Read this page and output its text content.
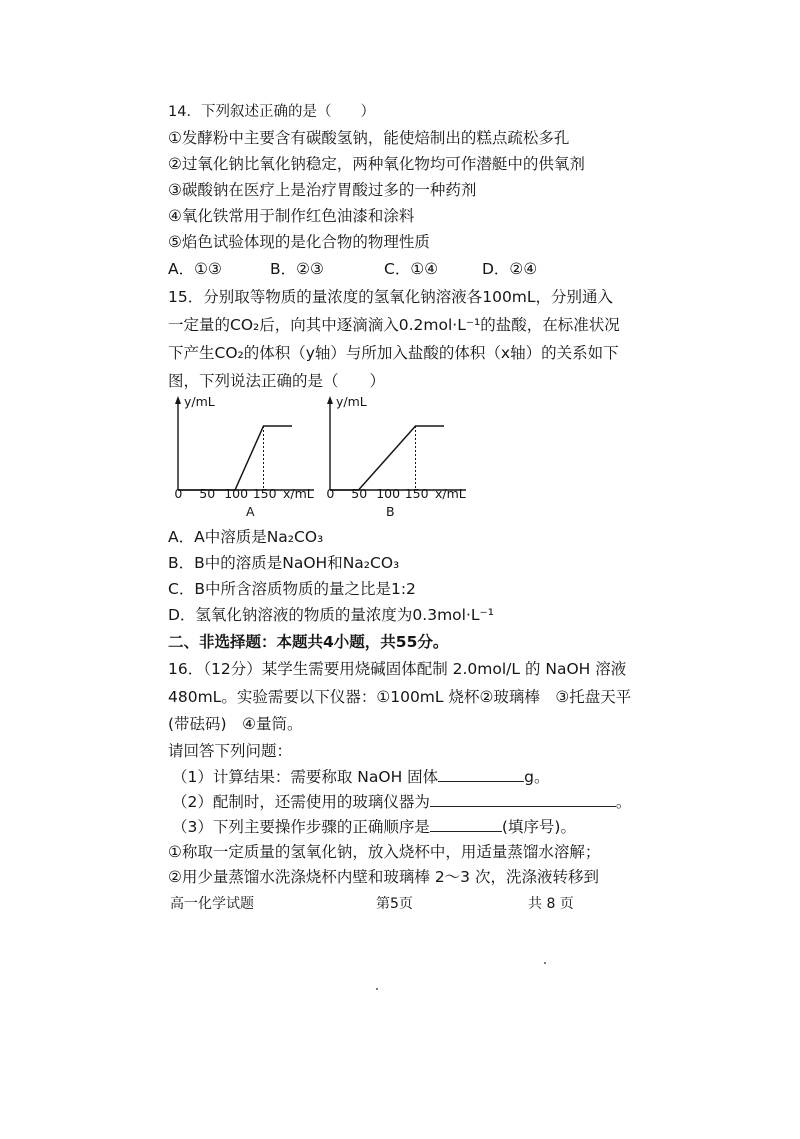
14．下列叙述正确的是（　　）
①发酵粉中主要含有碳酸氢钠，能使焙制出的糕点疏松多孔
②过氧化钠比氧化钠稳定，两种氧化物均可作潜艇中的供氧剂
③碳酸钠在医疗上是治疗胃酸过多的一种药剂
④氧化铁常用于制作红色油漆和涂料
⑤焰色试验体现的是化合物的物理性质
A．①③	B．②③	C．①④	D．②④
15．分别取等物质的量浓度的氢氧化钠溶液各100mL，分别通入
一定量的CO₂后，向其中逐滴滴入0.2mol·L⁻¹的盐酸，在标准状况
下产生CO₂的体积（y轴）与所加入盐酸的体积（x轴）的关系如下
图，下列说法正确的是（　　）
y/mL
x/mL
A
0 50 100 150
y/mL
x/mL
B
0 50 100 150
A．A中溶质是Na₂CO₃
B．B中的溶质是NaOH和Na₂CO₃
C．B中所含溶质物质的量之比是1:2
D．氢氧化钠溶液的物质的量浓度为0.3mol·L⁻¹
二、非选择题：本题共4小题，共55分。
16．（12分）某学生需要用烧碱固体配制 2.0mol/L 的 NaOH 溶液
480mL。实验需要以下仪器：①100mL 烧杯②玻璃棒　③托盘天平
(带砝码)　④量筒。
请回答下列问题：
（1）计算结果：需要称取 NaOH 固体	g。
（2）配制时，还需使用的玻璃仪器为	。
（3）下列主要操作步骤的正确顺序是	(填序号)。
①称取一定质量的氢氧化钠，放入烧杯中，用适量蒸馏水溶解；
②用少量蒸馏水洗涤烧杯内壁和玻璃棒 2～3 次，洗涤液转移到
高一化学试题	第5页	共 8 页
